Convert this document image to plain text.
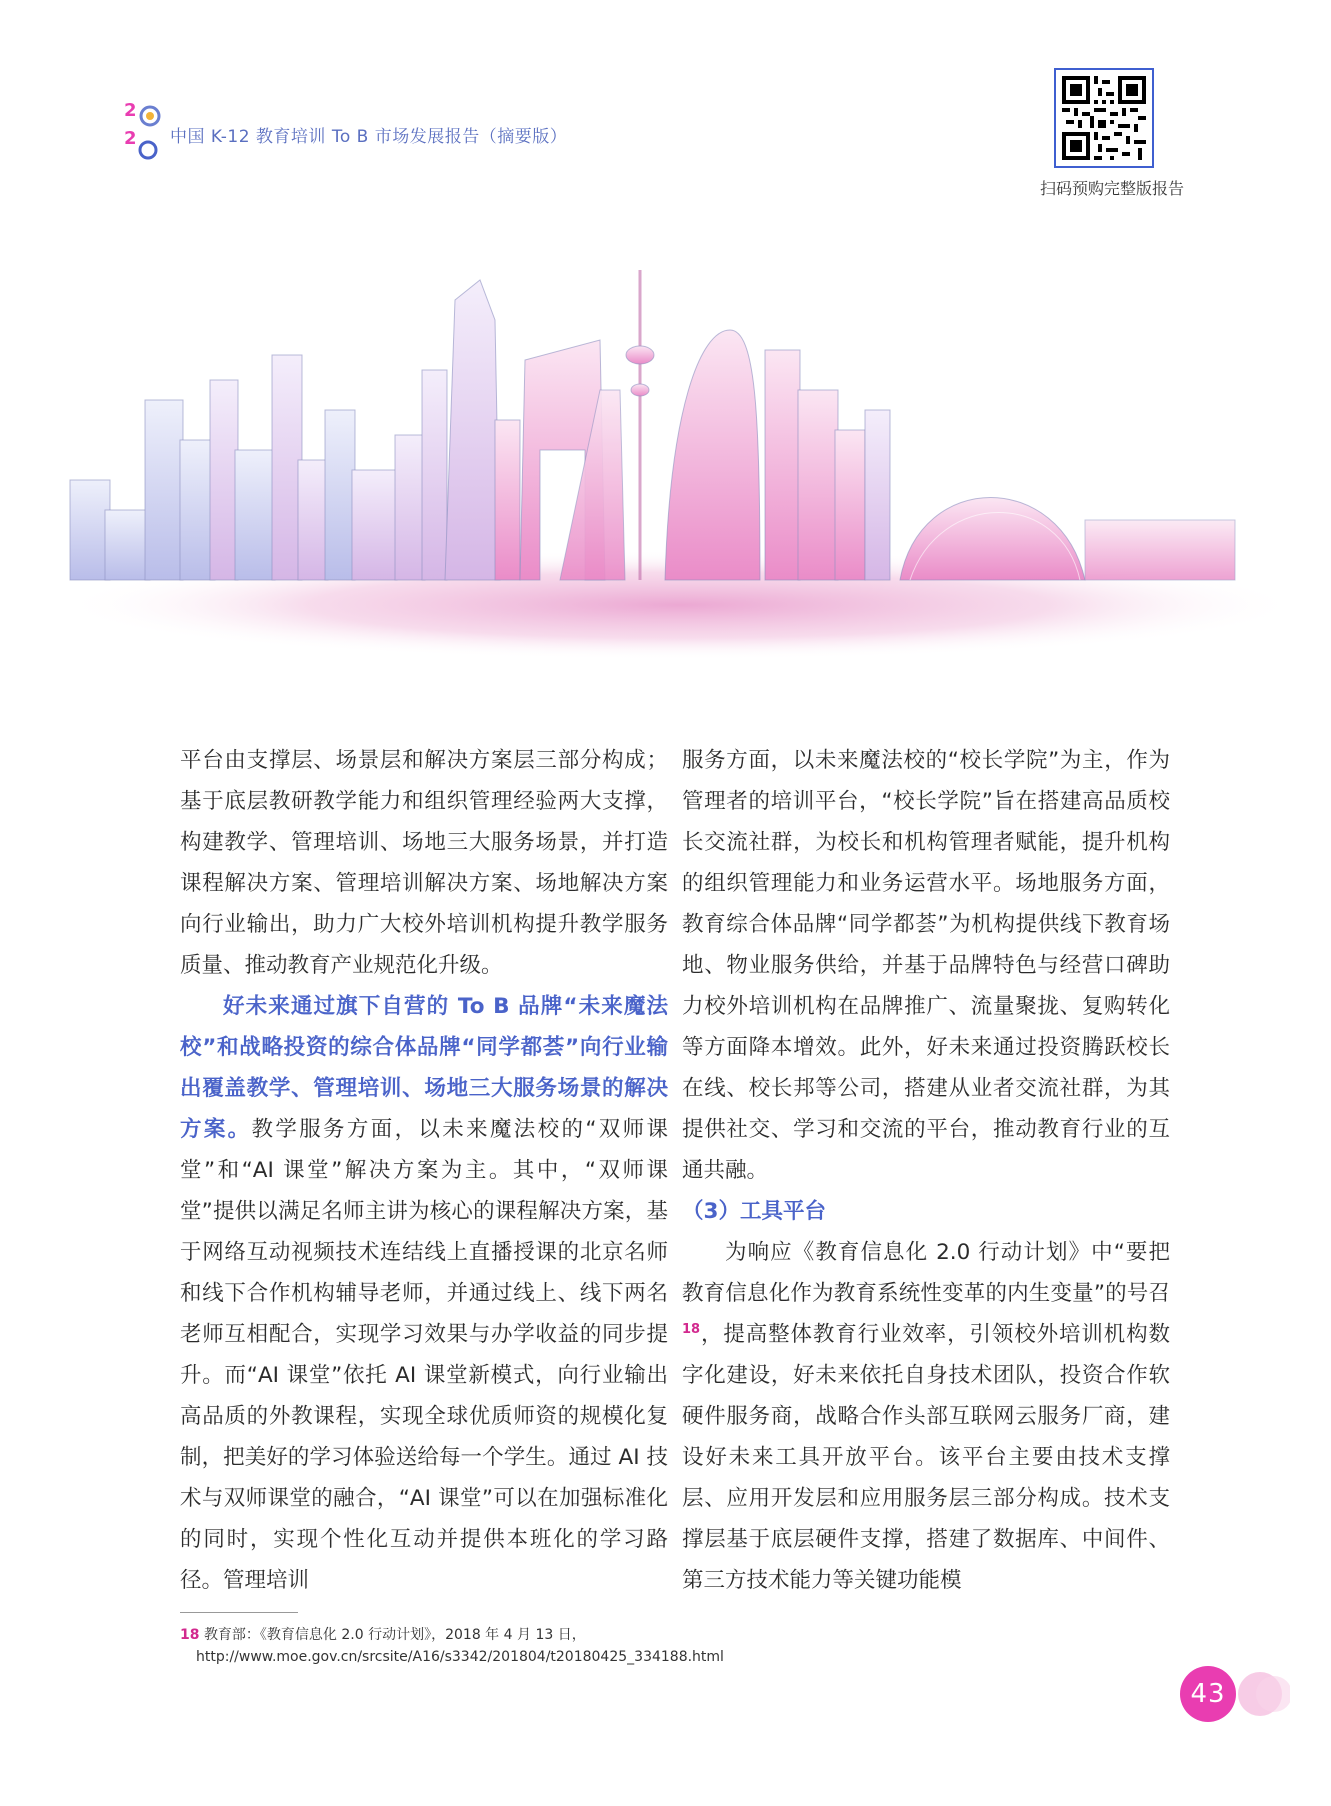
2
2 中国 K-12 教育培训 To B 市场发展报告（摘要版）
扫码预购完整版报告

平台由支撑层、场景层和解决方案层三部分构成；基于底层教研教学能力和组织管理经验两大支撑，构建教学、管理培训、场地三大服务场景，并打造课程解决方案、管理培训解决方案、场地解决方案向行业输出，助力广大校外培训机构提升教学服务质量、推动教育产业规范化升级。

好未来通过旗下自营的 To B 品牌“未来魔法校”和战略投资的综合体品牌“同学都荟”向行业输出覆盖教学、管理培训、场地三大服务场景的解决方案。教学服务方面，以未来魔法校的“双师课堂”和“AI 课堂”解决方案为主。其中，“双师课堂”提供以满足名师主讲为核心的课程解决方案，基于网络互动视频技术连结线上直播授课的北京名师和线下合作机构辅导老师，并通过线上、线下两名老师互相配合，实现学习效果与办学收益的同步提升。而“AI 课堂”依托 AI 课堂新模式，向行业输出高品质的外教课程，实现全球优质师资的规模化复制，把美好的学习体验送给每一个学生。通过 AI 技术与双师课堂的融合，“AI 课堂”可以在加强标准化的同时，实现个性化互动并提供本班化的学习路径。管理培训

服务方面，以未来魔法校的“校长学院”为主，作为管理者的培训平台，“校长学院”旨在搭建高品质校长交流社群，为校长和机构管理者赋能，提升机构的组织管理能力和业务运营水平。场地服务方面，教育综合体品牌“同学都荟”为机构提供线下教育场地、物业服务供给，并基于品牌特色与经营口碑助力校外培训机构在品牌推广、流量聚拢、复购转化等方面降本增效。此外，好未来通过投资腾跃校长在线、校长邦等公司，搭建从业者交流社群，为其提供社交、学习和交流的平台，推动教育行业的互通共融。

（3）工具平台

为响应《教育信息化 2.0 行动计划》中“要把教育信息化作为教育系统性变革的内生变量”的号召$^{18}$，提高整体教育行业效率，引领校外培训机构数字化建设，好未来依托自身技术团队，投资合作软硬件服务商，战略合作头部互联网云服务厂商，建设好未来工具开放平台。该平台主要由技术支撑层、应用开发层和应用服务层三部分构成。技术支撑层基于底层硬件支撑，搭建了数据库、中间件、第三方技术能力等关键功能模

18 教育部：《教育信息化 2.0 行动计划》，2018 年 4 月 13 日，
http://www.moe.gov.cn/srcsite/A16/s3342/201804/t20180425_334188.html
43
